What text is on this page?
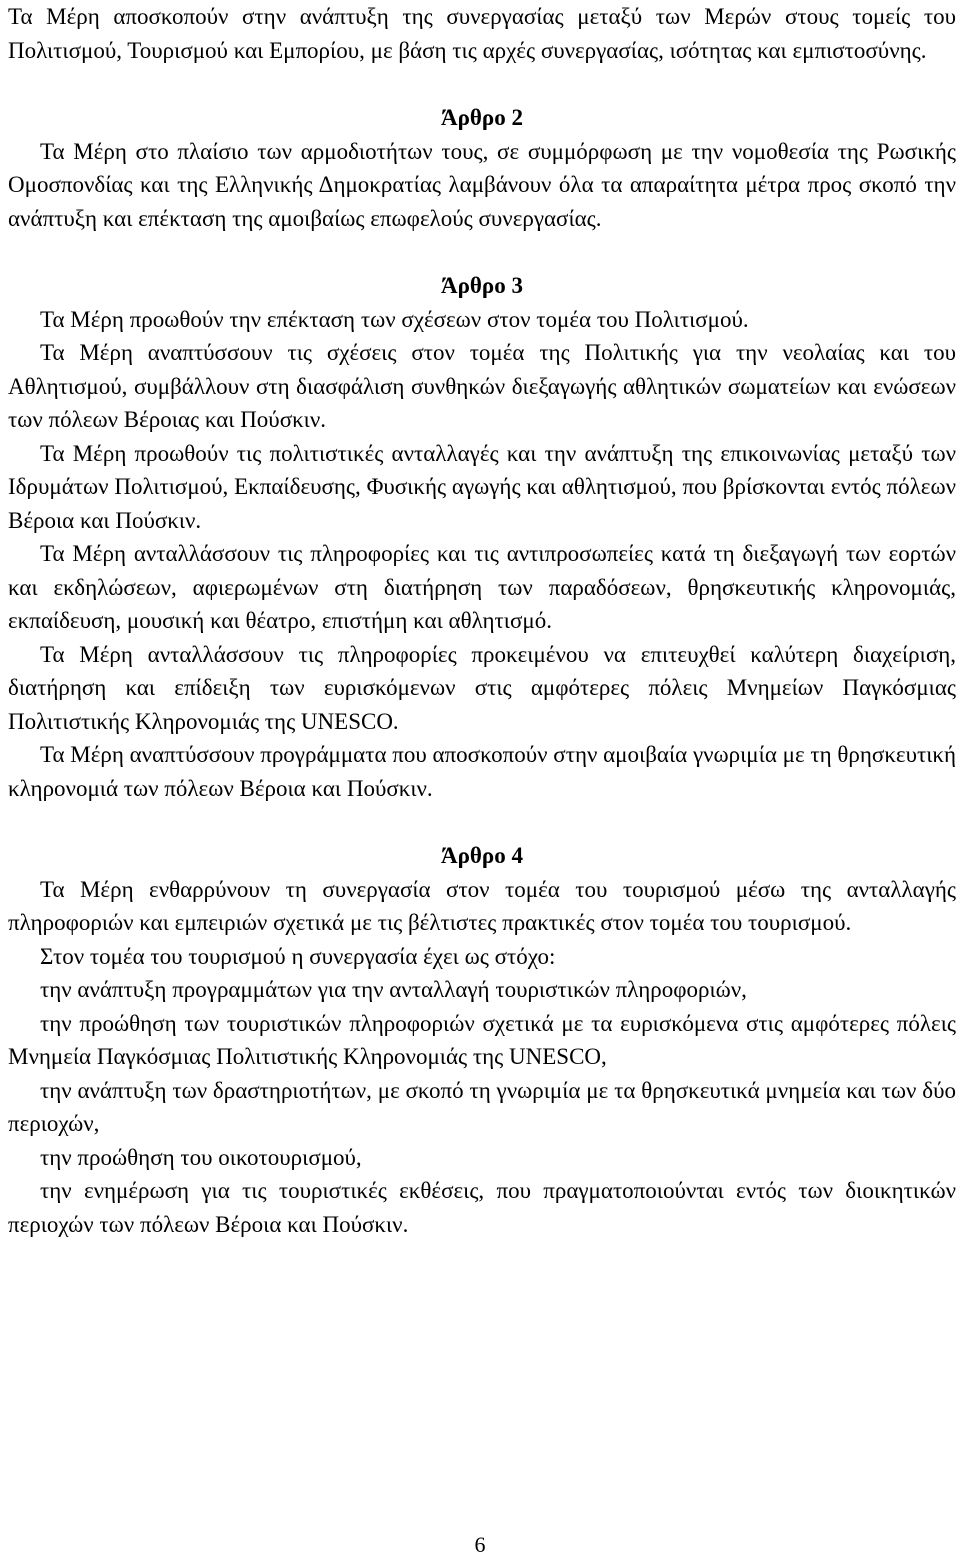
Τα Μέρη αποσκοπούν στην ανάπτυξη της συνεργασίας μεταξύ των Μερών στους τομείς του Πολιτισμού, Τουρισμού και Εμπορίου, με βάση τις αρχές συνεργασίας, ισότητας και εμπιστοσύνης.

Άρθρο 2

Τα Μέρη στο πλαίσιο των αρμοδιοτήτων τους, σε συμμόρφωση με την νομοθεσία της Ρωσικής Ομοσπονδίας και της Ελληνικής Δημοκρατίας λαμβάνουν όλα τα απαραίτητα μέτρα προς σκοπό την ανάπτυξη και επέκταση της αμοιβαίως επωφελούς συνεργασίας.

Άρθρο 3

Τα Μέρη προωθούν την επέκταση των σχέσεων στον τομέα του Πολιτισμού.

Τα Μέρη αναπτύσσουν τις σχέσεις στον τομέα της Πολιτικής για την νεολαίας και του Αθλητισμού, συμβάλλουν στη διασφάλιση συνθηκών διεξαγωγής αθλητικών σωματείων και ενώσεων των πόλεων Βέροιας και Πούσκιν.

Τα Μέρη προωθούν τις πολιτιστικές ανταλλαγές και την ανάπτυξη της επικοινωνίας μεταξύ των Ιδρυμάτων Πολιτισμού, Εκπαίδευσης, Φυσικής αγωγής και αθλητισμού, που βρίσκονται εντός πόλεων Βέροια και Πούσκιν.

Τα Μέρη ανταλλάσσουν τις πληροφορίες και τις αντιπροσωπείες κατά τη διεξαγωγή των εορτών και εκδηλώσεων, αφιερωμένων στη διατήρηση των παραδόσεων, θρησκευτικής κληρονομιάς, εκπαίδευση, μουσική και θέατρο, επιστήμη και αθλητισμό.

Τα Μέρη ανταλλάσσουν τις πληροφορίες προκειμένου να επιτευχθεί καλύτερη διαχείριση, διατήρηση και επίδειξη των ευρισκόμενων στις αμφότερες πόλεις Μνημείων Παγκόσμιας Πολιτιστικής Κληρονομιάς της UNESCO.

Τα Μέρη αναπτύσσουν προγράμματα που αποσκοπούν στην αμοιβαία γνωριμία με τη θρησκευτική κληρονομιά των πόλεων Βέροια και Πούσκιν.

Άρθρο 4

Τα Μέρη ενθαρρύνουν τη συνεργασία στον τομέα του τουρισμού μέσω της ανταλλαγής πληροφοριών και εμπειριών σχετικά με τις βέλτιστες πρακτικές στον τομέα του τουρισμού.

Στον τομέα του τουρισμού η συνεργασία έχει ως στόχο:

την ανάπτυξη προγραμμάτων για την ανταλλαγή τουριστικών πληροφοριών,

την προώθηση των τουριστικών πληροφοριών σχετικά με τα ευρισκόμενα στις αμφότερες πόλεις Μνημεία Παγκόσμιας Πολιτιστικής Κληρονομιάς της UNESCO,

την ανάπτυξη των δραστηριοτήτων, με σκοπό τη γνωριμία με τα θρησκευτικά μνημεία και των δύο περιοχών,

την προώθηση του οικοτουρισμού,

την ενημέρωση για τις τουριστικές εκθέσεις, που πραγματοποιούνται εντός των διοικητικών περιοχών των πόλεων Βέροια και Πούσκιν.

6
